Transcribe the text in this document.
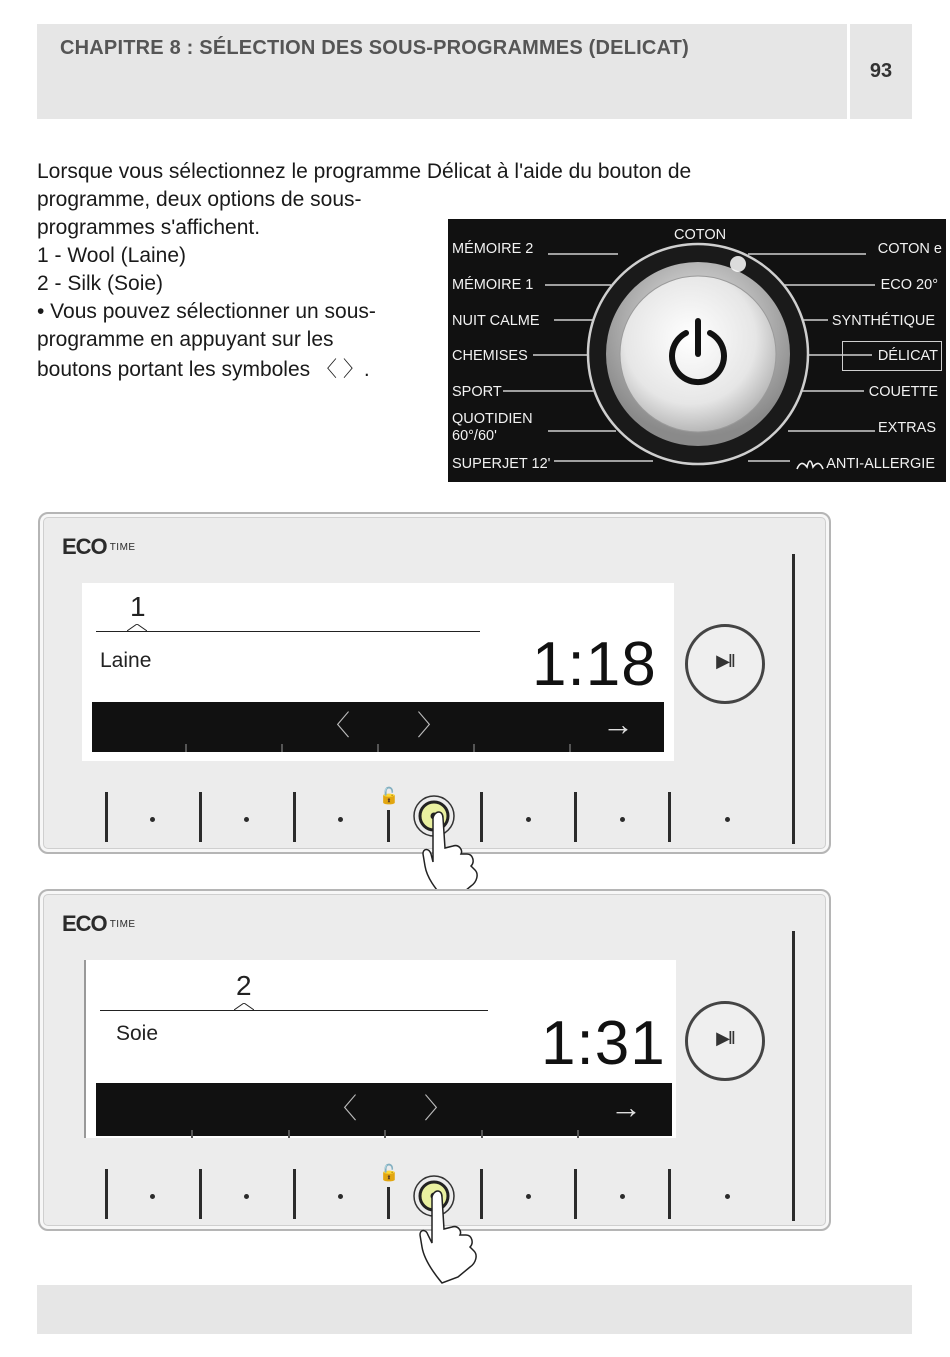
CHAPITRE 8 : SÉLECTION DES SOUS-PROGRAMMES (DELICAT)
93
Lorsque vous sélectionnez le programme Délicat à l'aide du bouton de
programme, deux options de sous-
programmes s'affichent.
1 - Wool (Laine)
2 - Silk (Soie)
• Vous pouvez sélectionner un sous-
programme en appuyant sur les
boutons portant les symboles 〈 〉.
COTON
MÉMOIRE 2
MÉMOIRE 1
NUIT CALME
CHEMISES
SPORT
QUOTIDIEN
60°/60'
SUPERJET 12'
COTON e
ECO 20°
SYNTHÉTIQUE
DÉLICAT
COUETTE
EXTRAS
ANTI-ALLERGIE
ECO TIME
1
Laine	1:18
〈 〉	→
▶II
🔓
ECO TIME
2
Soie	1:31
〈 〉	→
▶II
🔓
